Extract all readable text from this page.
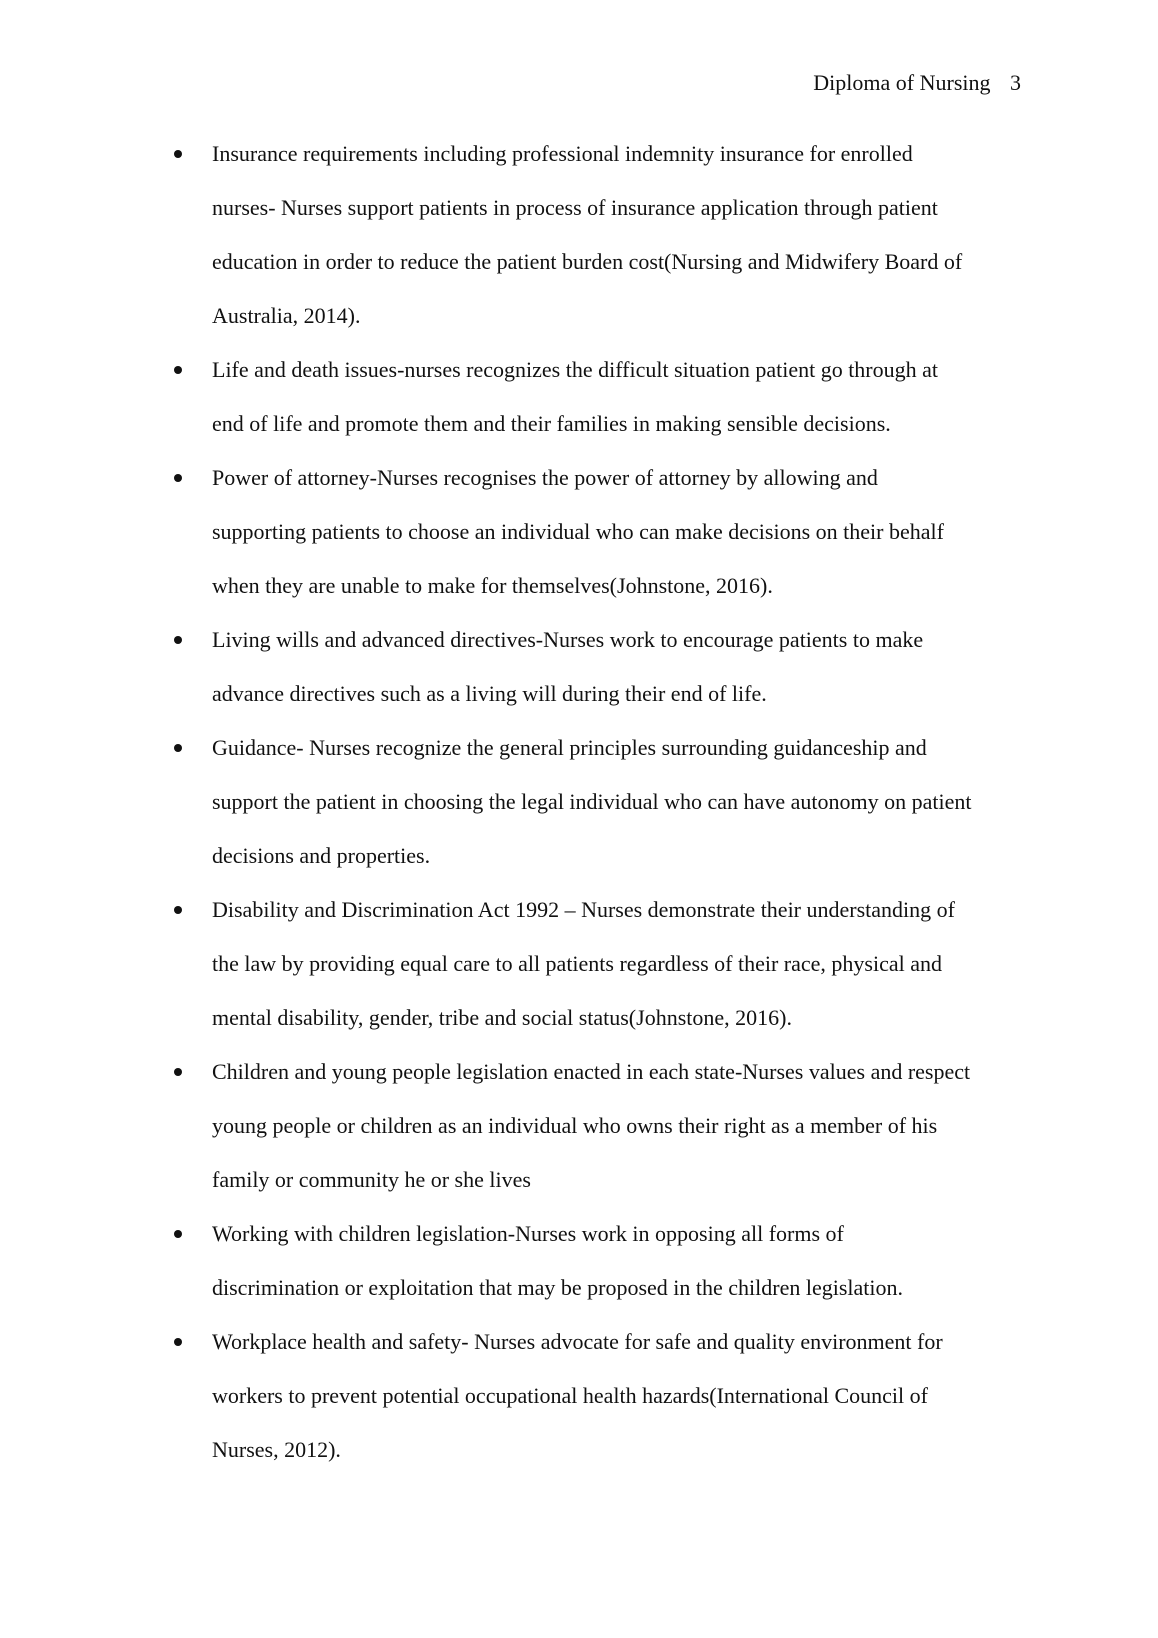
Diploma of Nursing 3
Insurance requirements including professional indemnity insurance for enrolled
nurses- Nurses support patients in process of insurance application through patient
education in order to reduce the patient burden cost(Nursing and Midwifery Board of
Australia, 2014).
Life and death issues-nurses recognizes the difficult situation patient go through at
end of life and promote them and their families in making sensible decisions.
Power of attorney-Nurses recognises the power of attorney by allowing and
supporting patients to choose an individual who can make decisions on their behalf
when they are unable to make for themselves(Johnstone, 2016).
Living wills and advanced directives-Nurses work to encourage patients to make
advance directives such as a living will during their end of life.
Guidance- Nurses recognize the general principles surrounding guidanceship and
support the patient in choosing the legal individual who can have autonomy on patient
decisions and properties.
Disability and Discrimination Act 1992 – Nurses demonstrate their understanding of
the law by providing equal care to all patients regardless of their race, physical and
mental disability, gender, tribe and social status(Johnstone, 2016).
Children and young people legislation enacted in each state-Nurses values and respect
young people or children as an individual who owns their right as a member of his
family or community he or she lives
Working with children legislation-Nurses work in opposing all forms of
discrimination or exploitation that may be proposed in the children legislation.
Workplace health and safety- Nurses advocate for safe and quality environment for
workers to prevent potential occupational health hazards(International Council of
Nurses, 2012).
